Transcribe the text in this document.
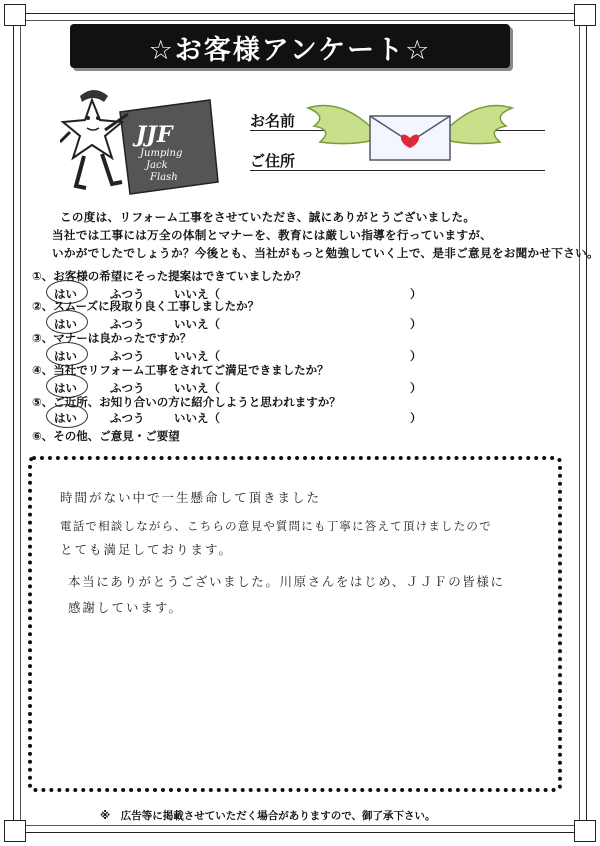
☆お客様アンケート☆
JJF
Jumping
Jack
Flash
お名前
ご住所
この度は、リフォーム工事をさせていただき、誠にありがとうございました。
当社では工事には万全の体制とマナーを、教育には厳しい指導を行っていますが、
いかがでしたでしょうか？今後とも、当社がもっと勉強していく上で、是非ご意見をお聞かせ下さい。
①、お客様の希望にそった提案はできていましたか？
はい	ふつう	いいえ（	）
②、スムーズに段取り良く工事しましたか？
はい	ふつう	いいえ（	）
③、マナーは良かったですか？
はい	ふつう	いいえ（	）
④、当社でリフォーム工事をされてご満足できましたか？
はい	ふつう	いいえ（	）
⑤、ご近所、お知り合いの方に紹介しようと思われますか？
はい	ふつう	いいえ（	）
⑥、その他、ご意見・ご要望
時間がない中で一生懸命して頂きました
電話で相談しながら、こちらの意見や質問にも丁寧に答えて頂けましたので
とても満足しております。
本当にありがとうございました。川原さんをはじめ、ＪＪＦの皆様に
感謝しています。
※　広告等に掲載させていただく場合がありますので、御了承下さい。
